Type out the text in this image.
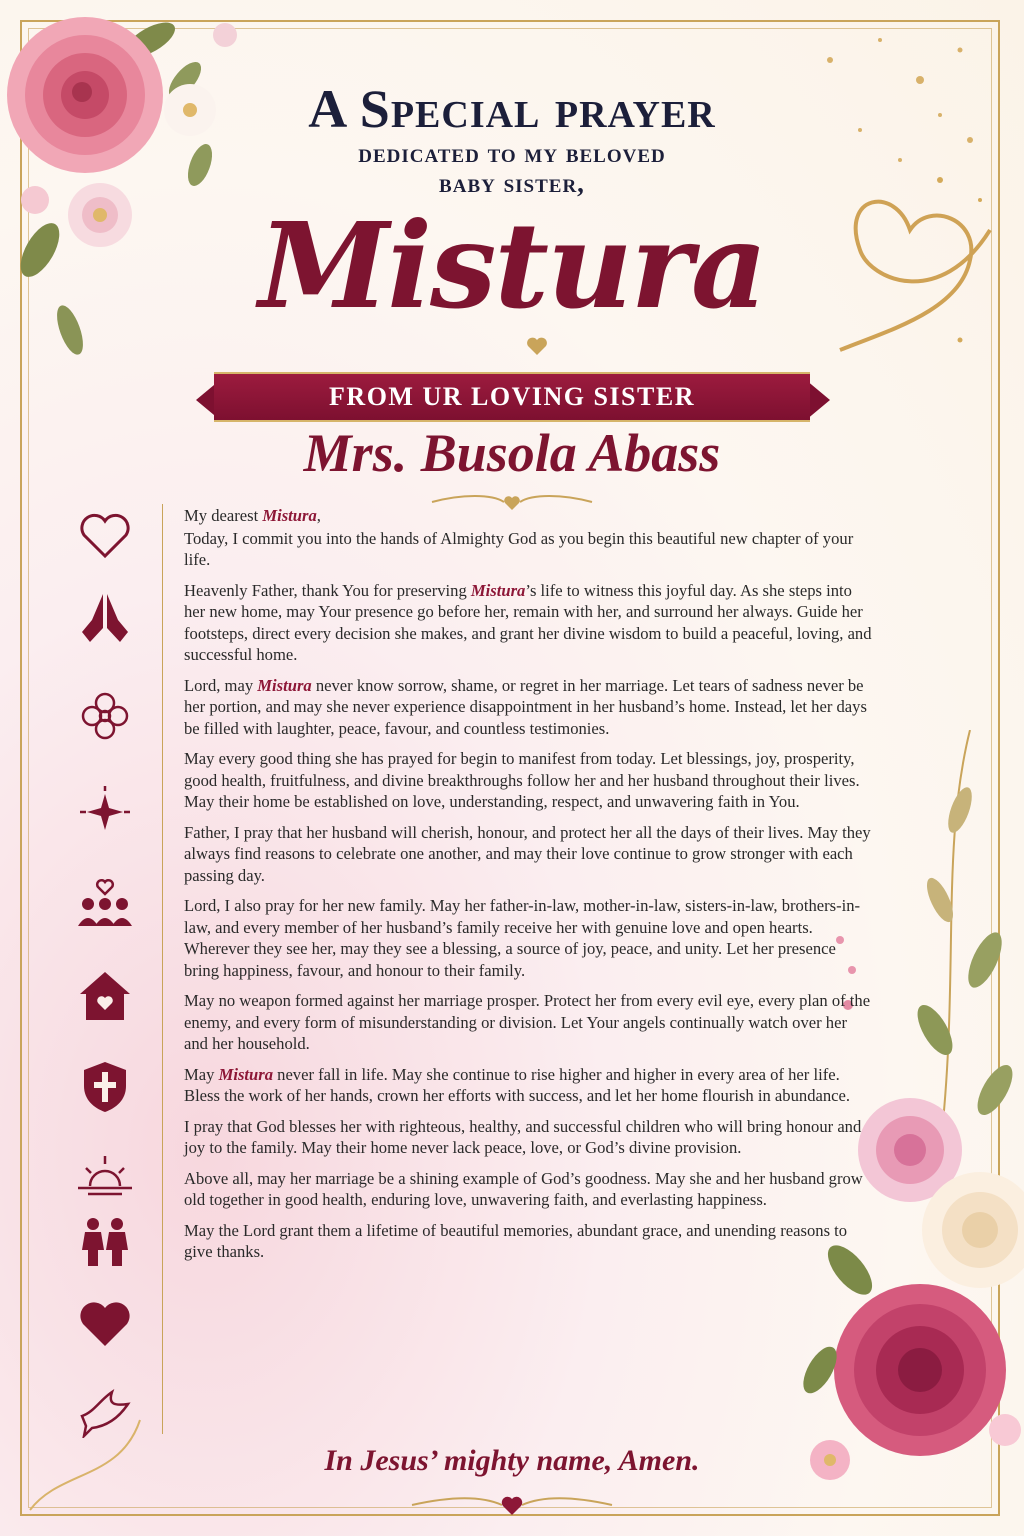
A Special prayer
dedicated to my beloved
baby sister,
Mistura
FROM UR LOVING SISTER
Mrs. Busola Abass

My dearest Mistura,

Today, I commit you into the hands of Almighty God as you begin this beautiful new chapter of your life.

Heavenly Father, thank You for preserving Mistura’s life to witness this joyful day. As she steps into her new home, may Your presence go before her, remain with her, and surround her always. Guide her footsteps, direct every decision she makes, and grant her divine wisdom to build a peaceful, loving, and successful home.

Lord, may Mistura never know sorrow, shame, or regret in her marriage. Let tears of sadness never be her portion, and may she never experience disappointment in her husband’s home. Instead, let her days be filled with laughter, peace, favour, and countless testimonies.

May every good thing she has prayed for begin to manifest from today. Let blessings, joy, prosperity, good health, fruitfulness, and divine breakthroughs follow her and her husband throughout their lives. May their home be established on love, understanding, respect, and unwavering faith in You.

Father, I pray that her husband will cherish, honour, and protect her all the days of their lives. May they always find reasons to celebrate one another, and may their love continue to grow stronger with each passing day.

Lord, I also pray for her new family. May her father-in-law, mother-in-law, sisters-in-law, brothers-in-law, and every member of her husband’s family receive her with genuine love and open hearts. Wherever they see her, may they see a blessing, a source of joy, peace, and unity. Let her presence bring happiness, favour, and honour to their family.

May no weapon formed against her marriage prosper. Protect her from every evil eye, every plan of the enemy, and every form of misunderstanding or division. Let Your angels continually watch over her and her household.

May Mistura never fall in life. May she continue to rise higher and higher in every area of her life. Bless the work of her hands, crown her efforts with success, and let her home flourish in abundance.

I pray that God blesses her with righteous, healthy, and successful children who will bring honour and joy to the family. May their home never lack peace, love, or God’s divine provision.

Above all, may her marriage be a shining example of God’s goodness. May she and her husband grow old together in good health, enduring love, unwavering faith, and everlasting happiness.

May the Lord grant them a lifetime of beautiful memories, abundant grace, and unending reasons to give thanks.

In Jesus’ mighty name, Amen.
